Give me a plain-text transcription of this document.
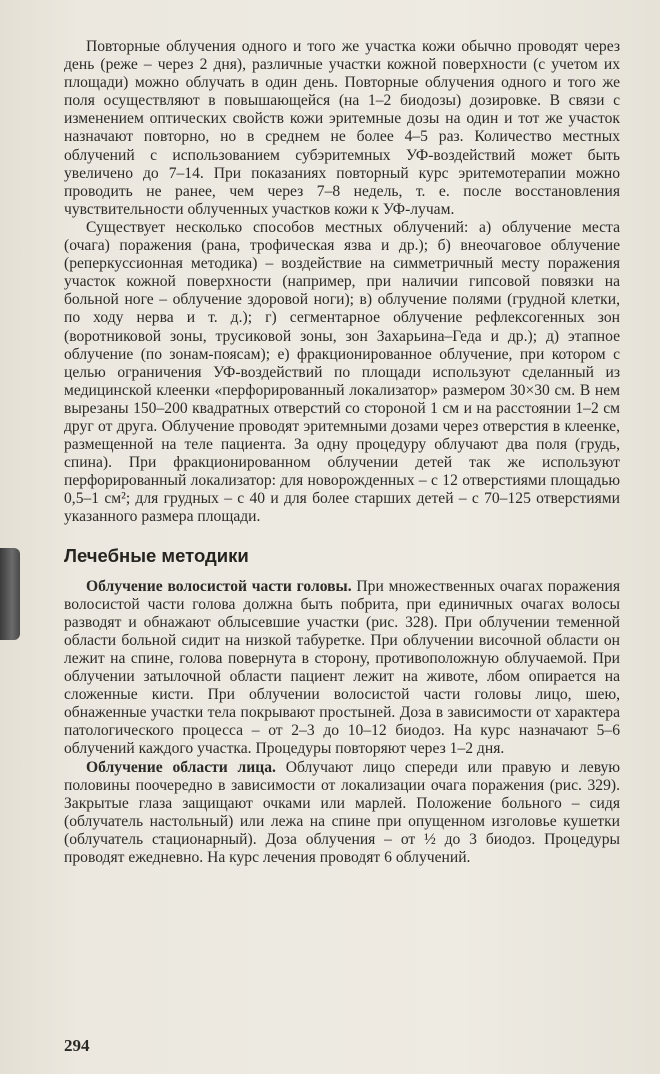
Повторные облучения одного и того же участка кожи обычно проводят через день (реже – через 2 дня), различные участки кожной поверхности (с учетом их площади) можно облучать в один день. Повторные облучения одного и того же поля осуществляют в повышающейся (на 1–2 биодозы) дозировке. В связи с изменением оптических свойств кожи эритемные дозы на один и тот же участок назначают повторно, но в среднем не более 4–5 раз. Количество местных облучений с использованием субэритемных УФ-воздействий может быть увеличено до 7–14. При показаниях повторный курс эритемотерапии можно проводить не ранее, чем через 7–8 недель, т. е. после восстановления чувствительности облученных участков кожи к УФ-лучам.

Существует несколько способов местных облучений: а) облучение места (очага) поражения (рана, трофическая язва и др.); б) внеочаговое облучение (реперкуссионная методика) – воздействие на симметричный месту поражения участок кожной поверхности (например, при наличии гипсовой повязки на больной ноге – облучение здоровой ноги); в) облучение полями (грудной клетки, по ходу нерва и т. д.); г) сегментарное облучение рефлексогенных зон (воротниковой зоны, трусиковой зоны, зон Захарьина–Геда и др.); д) этапное облучение (по зонам-поясам); е) фракционированное облучение, при котором с целью ограничения УФ-воздействий по площади используют сделанный из медицинской клеенки «перфорированный локализатор» размером 30×30 см. В нем вырезаны 150–200 квадратных отверстий со стороной 1 см и на расстоянии 1–2 см друг от друга. Облучение проводят эритемными дозами через отверстия в клеенке, размещенной на теле пациента. За одну процедуру облучают два поля (грудь, спина). При фракционированном облучении детей так же используют перфорированный локализатор: для новорожденных – с 12 отверстиями площадью 0,5–1 см²; для грудных – с 40 и для более старших детей – с 70–125 отверстиями указанного размера площади.

Лечебные методики

Облучение волосистой части головы. При множественных очагах поражения волосистой части голова должна быть побрита, при единичных очагах волосы разводят и обнажают облысевшие участки (рис. 328). При облучении теменной области больной сидит на низкой табуретке. При облучении височной области он лежит на спине, голова повернута в сторону, противоположную облучаемой. При облучении затылочной области пациент лежит на животе, лбом опирается на сложенные кисти. При облучении волосистой части головы лицо, шею, обнаженные участки тела покрывают простыней. Доза в зависимости от характера патологического процесса – от 2–3 до 10–12 биодоз. На курс назначают 5–6 облучений каждого участка. Процедуры повторяют через 1–2 дня.

Облучение области лица. Облучают лицо спереди или правую и левую половины поочередно в зависимости от локализации очага поражения (рис. 329). Закрытые глаза защищают очками или марлей. Положение больного – сидя (облучатель настольный) или лежа на спине при опущенном изголовье кушетки (облучатель стационарный). Доза облучения – от ½ до 3 биодоз. Процедуры проводят ежедневно. На курс лечения проводят 6 облучений.

294
